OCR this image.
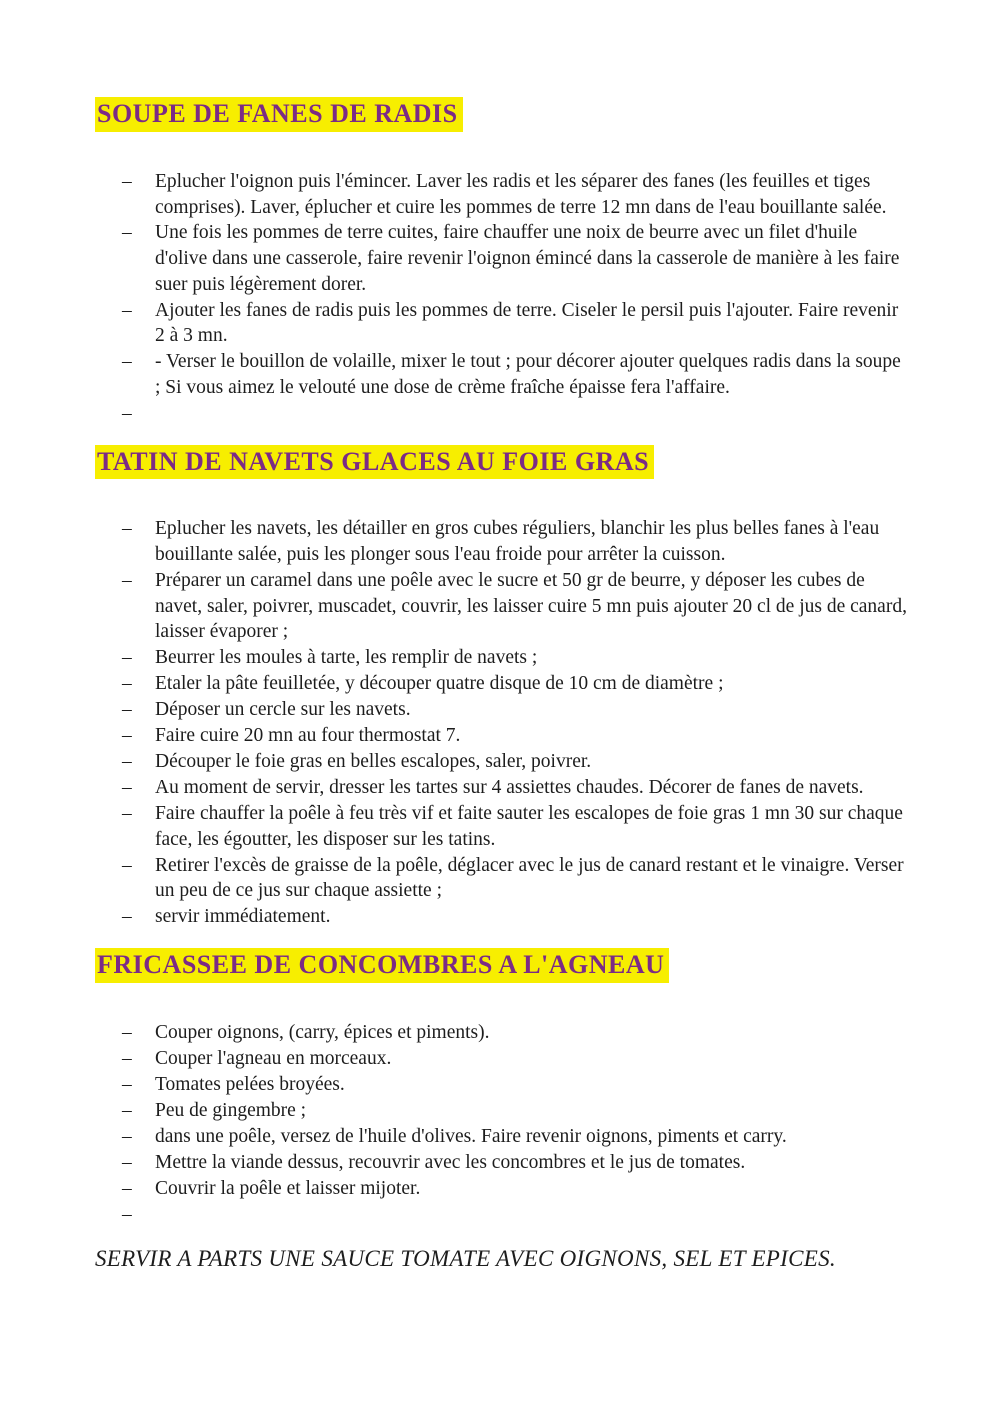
SOUPE DE FANES DE RADIS
–	Eplucher l'oignon puis l'émincer. Laver les radis et les séparer des fanes (les feuilles et tiges comprises). Laver, éplucher et cuire les pommes de terre 12 mn dans de l'eau bouillante salée.
–	Une fois les pommes de terre cuites, faire chauffer une noix de beurre avec un filet d'huile d'olive dans une casserole, faire revenir l'oignon émincé dans la casserole de manière à les faire suer puis légèrement dorer.
–	Ajouter les fanes de radis puis les pommes de terre. Ciseler le persil puis l'ajouter. Faire revenir 2 à 3 mn.
–	- Verser le bouillon de volaille, mixer le tout ; pour décorer ajouter quelques radis dans la soupe ; Si vous aimez le velouté une dose de crème fraîche épaisse fera l'affaire.
–
TATIN DE NAVETS GLACES AU FOIE GRAS
–	Eplucher les navets, les détailler en gros cubes réguliers, blanchir les plus belles fanes à l'eau bouillante salée, puis les plonger sous l'eau froide pour arrêter la cuisson.
–	Préparer un caramel dans une poêle avec le sucre et 50 gr de beurre, y déposer les cubes de navet, saler, poivrer, muscadet, couvrir, les laisser cuire 5 mn puis ajouter 20 cl de jus de canard, laisser évaporer ;
–	Beurrer les moules à tarte, les remplir de navets ;
–	Etaler la pâte feuilletée, y découper quatre disque de 10 cm de diamètre ;
–	Déposer un cercle sur les navets.
–	Faire cuire 20 mn au four thermostat 7.
–	Découper le foie gras en belles escalopes, saler, poivrer.
–	Au moment de servir, dresser les tartes sur 4 assiettes chaudes. Décorer de fanes de navets.
–	Faire chauffer la poêle à feu très vif et faite sauter les escalopes de foie gras 1 mn 30 sur chaque face, les égoutter, les disposer sur les tatins.
–	Retirer l'excès de graisse de la poêle, déglacer avec le jus de canard restant et le vinaigre. Verser un peu de ce jus sur chaque assiette ;
–	servir immédiatement.
FRICASSEE DE CONCOMBRES A L'AGNEAU
–	Couper oignons, (carry, épices et piments).
–	Couper l'agneau en morceaux.
–	Tomates pelées broyées.
–	Peu de gingembre ;
–	dans une poêle, versez de l'huile d'olives. Faire revenir oignons, piments et carry.
–	Mettre la viande dessus, recouvrir avec les concombres et le jus de tomates.
–	Couvrir la poêle et laisser mijoter.
–

SERVIR A PARTS UNE SAUCE TOMATE AVEC OIGNONS, SEL ET EPICES.
